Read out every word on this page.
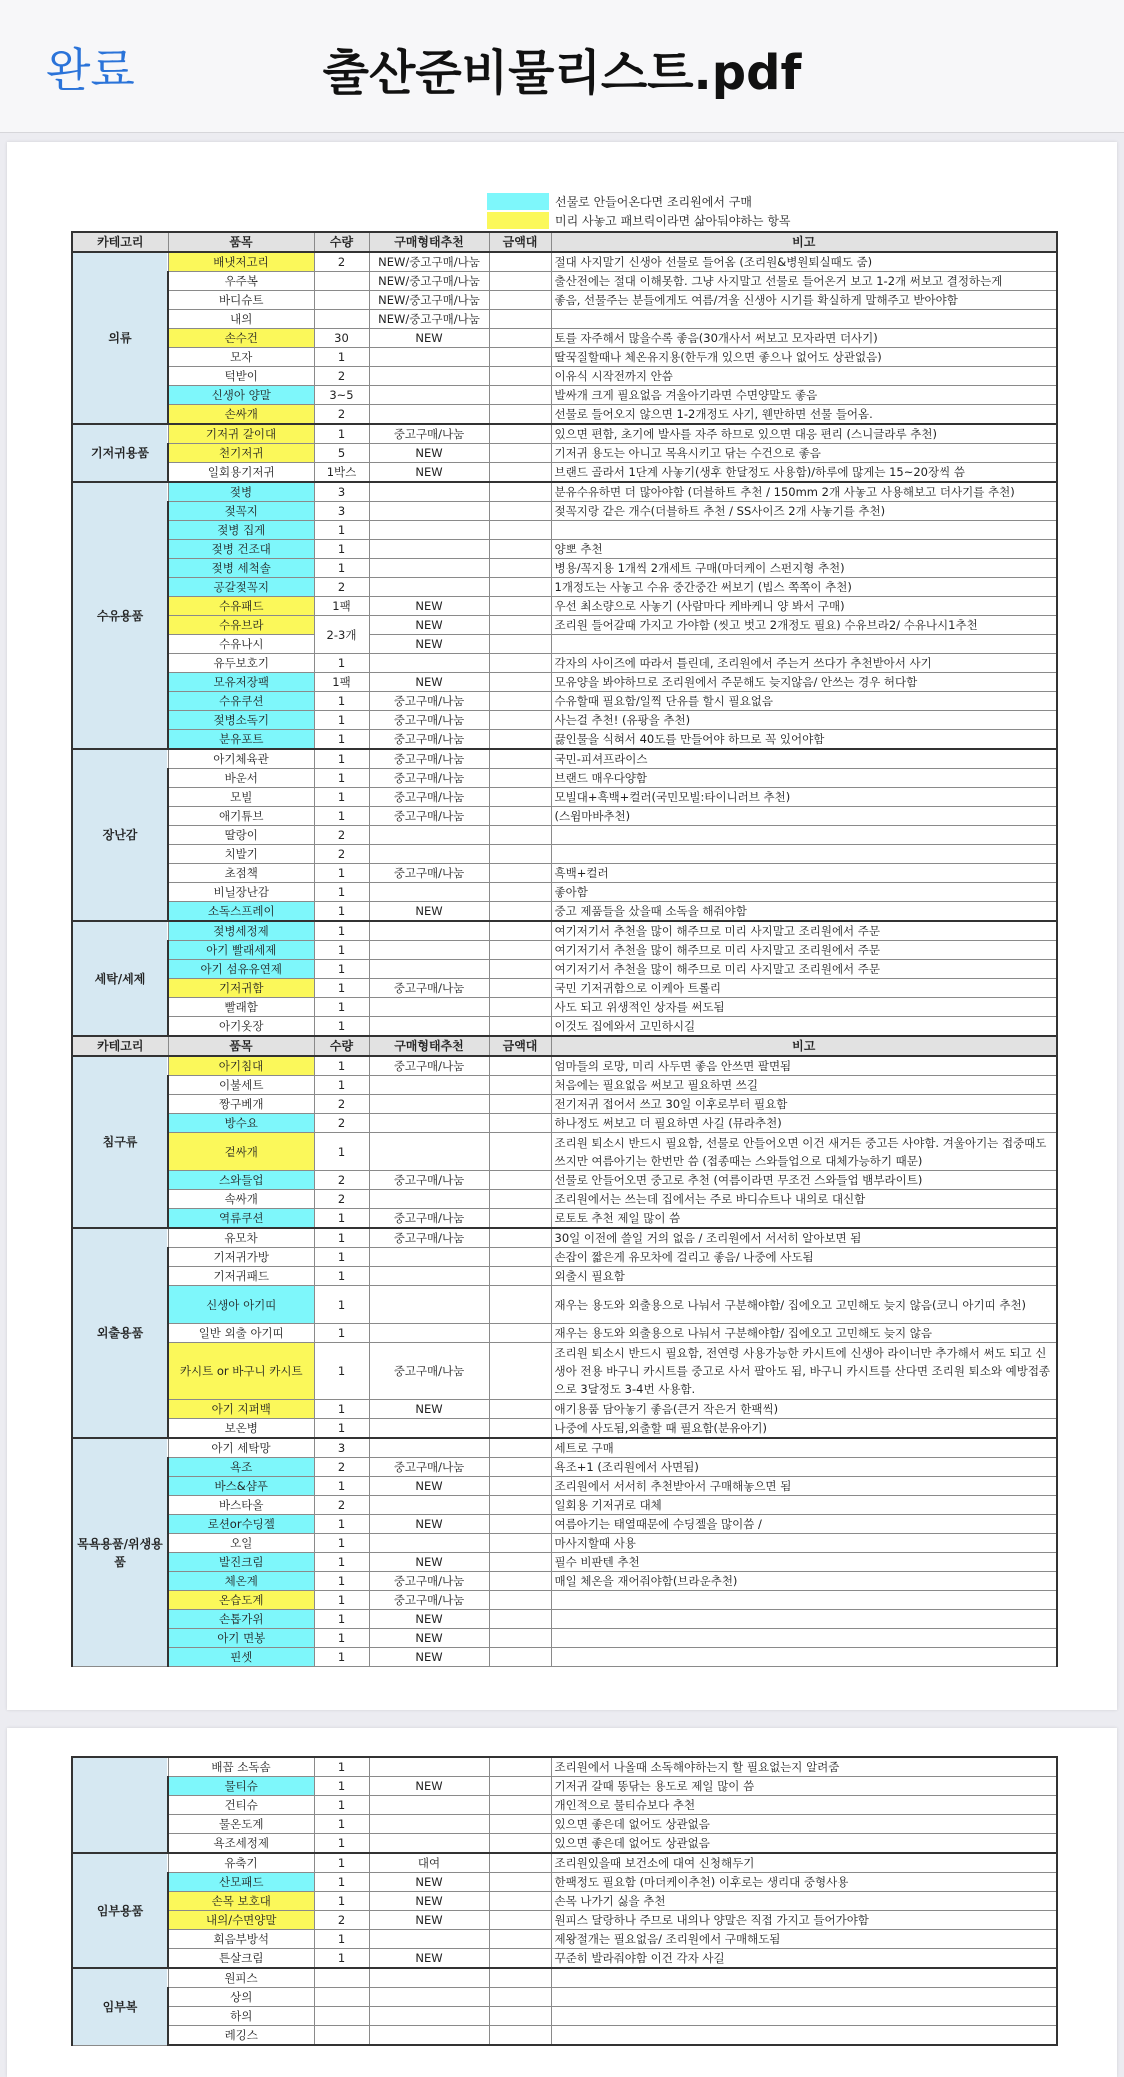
완료	출산준비물리스트.pdf
선물로 안들어온다면 조리원에서 구매
미리 사놓고 패브릭이라면 삶아둬야하는 항목
카테고리	품목	수량	구매형태추천	금액대	비고
의류	배냇저고리	2	NEW/중고구매/나눔		절대 사지말기 신생아 선물로 들어옴 (조리원&병원퇴실때도 줌)
	우주복		NEW/중고구매/나눔		출산전에는 절대 이해못함. 그냥 사지말고 선물로 들어온거 보고 1-2개 써보고 결정하는게
	바디슈트		NEW/중고구매/나눔		좋음, 선물주는 분들에게도 여름/겨울 신생아 시기를 확실하게 말해주고 받아야함
	내의		NEW/중고구매/나눔		
	손수건	30	NEW		토를 자주해서 많을수록 좋음(30개사서 써보고 모자라면 더사기)
	모자	1			딸꾹질할때나 체온유지용(한두개 있으면 좋으나 없어도 상관없음)
	턱받이	2			이유식 시작전까지 안씀
	신생아 양말	3~5			발싸개 크게 필요없음 겨울아기라면 수면양말도 좋음
	손싸개	2			선물로 들어오지 않으면 1-2개정도 사기, 웬만하면 선물 들어옴.
기저귀용품	기저귀 갈이대	1	중고구매/나눔		있으면 편함, 초기에 발사를 자주 하므로 있으면 대응 편리 (스니글라루 추천)
	천기저귀	5	NEW		기저귀 용도는 아니고 목욕시키고 닦는 수건으로 좋음
	일회용기저귀	1박스	NEW		브랜드 골라서 1단계 사놓기(생후 한달정도 사용함)/하루에 많게는 15~20장씩 씀
수유용품	젖병	3			분유수유하면 더 많아야함 (더블하트 추천 / 150mm 2개 사놓고 사용해보고 더사기를 추천)
	젖꼭지	3			젖꼭지랑 같은 개수(더블하트 추천 / SS사이즈 2개 사놓기를 추천)
	젖병 집게	1			
	젖병 건조대	1			양뽀 추천
	젖병 세척솔	1			병용/꼭지용 1개씩 2개세트 구매(마더케이 스펀지형 추천)
	공갈젖꼭지	2			1개정도는 사놓고 수유 중간중간 써보기 (빕스 쪽쪽이 추천)
	수유패드	1팩	NEW		우선 최소량으로 사놓기 (사람마다 케바케니 양 봐서 구매)
	수유브라	2-3개	NEW		조리원 들어갈때 가지고 가야함 (씻고 벗고 2개정도 필요) 수유브라2/ 수유나시1추천
	수유나시		NEW		
	유두보호기	1			각자의 사이즈에 따라서 틀린데, 조리원에서 주는거 쓰다가 추천받아서 사기
	모유저장팩	1팩	NEW		모유양을 봐야하므로 조리원에서 주문해도 늦지않음/ 안쓰는 경우 허다함
	수유쿠션	1	중고구매/나눔		수유할때 필요함/일찍 단유를 할시 필요없음
	젖병소독기	1	중고구매/나눔		사는걸 추천! (유팡을 추천)
	분유포트	1	중고구매/나눔		끓인물을 식혀서 40도를 만들어야 하므로 꼭 있어야함
장난감	아기체육관	1	중고구매/나눔		국민-피셔프라이스
	바운서	1	중고구매/나눔		브랜드 매우다양함
	모빌	1	중고구매/나눔		모빌대+흑백+컬러(국민모빌:타이니러브 추천)
	애기튜브	1	중고구매/나눔		(스윔마바추천)
	딸랑이	2			
	치발기	2			
	초점책	1	중고구매/나눔		흑백+컬러
	비닐장난감	1			좋아함
	소독스프레이	1	NEW		중고 제품들을 샀을때 소독을 해줘야함
세탁/세제	젖병세정제	1			여기저기서 추천을 많이 해주므로 미리 사지말고 조리원에서 주문
	아기 빨래세제	1			여기저기서 추천을 많이 해주므로 미리 사지말고 조리원에서 주문
	아기 섬유유연제	1			여기저기서 추천을 많이 해주므로 미리 사지말고 조리원에서 주문
	기저귀함	1	중고구매/나눔		국민 기저귀함으로 이케아 트롤리
	빨래함	1			사도 되고 위생적인 상자를 써도됨
	아기옷장	1			이것도 집에와서 고민하시길
카테고리	품목	수량	구매형태추천	금액대	비고
침구류	아기침대	1	중고구매/나눔		엄마들의 로망, 미리 사두면 좋음 안쓰면 팔면됨
	이불세트	1			처음에는 필요없음 써보고 필요하면 쓰길
	짱구베개	2			전기저귀 접어서 쓰고 30일 이후로부터 필요함
	방수요	2			하나정도 써보고 더 필요하면 사길 (뮤라추천)
	겉싸개	1			조리원 퇴소시 반드시 필요함, 선물로 안들어오면 이건 새거든 중고든 사야함. 겨울아기는 접중때도 쓰지만 여름아기는 한번만 씀 (접종때는 스와들업으로 대체가능하기 때문)
	스와들업	2	중고구매/나눔		선물로 안들어오면 중고로 추천 (여름이라면 무조건 스와들업 뱀부라이트)
	속싸개	2			조리원에서는 쓰는데 집에서는 주로 바디슈트나 내의로 대신함
	역류쿠션	1	중고구매/나눔		로토토 추천 제일 많이 씀
외출용품	유모차	1	중고구매/나눔		30일 이전에 쓸일 거의 없음 / 조리원에서 서서히 알아보면 됨
	기저귀가방	1			손잡이 짧은게 유모차에 걸리고 좋음/ 나중에 사도됨
	기저귀패드	1			외출시 필요함
	신생아 아기띠	1			재우는 용도와 외출용으로 나눠서 구분해야함/ 집에오고 고민해도 늦지 않음(코니 아기띠 추천)
	일반 외출 아기띠	1			재우는 용도와 외출용으로 나눠서 구분해야함/ 집에오고 고민해도 늦지 않음
	카시트 or 바구니 카시트	1	중고구매/나눔		조리원 퇴소시 반드시 필요함, 전연령 사용가능한 카시트에 신생아 라이너만 추가해서 써도 되고 신생아 전용 바구니 카시트를 중고로 사서 팔아도 됨, 바구니 카시트를 산다면 조리원 퇴소와 예방접종으로 3달정도 3-4번 사용함.
	아기 지퍼백	1	NEW		애기용품 담아놓기 좋음(큰거 작은거 한팩씩)
	보온병	1			나중에 사도됨,외출할 때 필요함(분유아기)
목욕용품/위생용품	아기 세탁망	3			세트로 구매
	욕조	2	중고구매/나눔		욕조+1 (조리원에서 사면됨)
	바스&샴푸	1	NEW		조리원에서 서서히 추천받아서 구매해놓으면 됨
	바스타올	2			일회용 기저귀로 대체
	로션or수딩젤	1	NEW		여름아기는 태열때문에 수딩젤을 많이씀 /
	오일	1			마사지할때 사용
	발진크림	1	NEW		필수 비판텐 추천
	체온계	1	중고구매/나눔		매일 체온을 재어줘야함(브라운추천)
	온습도계	1	중고구매/나눔		
	손톱가위	1	NEW		
	아기 면봉	1	NEW		
	핀셋	1	NEW		
	배꼽 소독솜	1			조리원에서 나올때 소독해야하는지 할 필요없는지 알려줌
	물티슈	1	NEW		기저귀 갈때 똥닦는 용도로 제일 많이 씀
	건티슈	1			개인적으로 물티슈보다 추천
	물온도계	1			있으면 좋은데 없어도 상관없음
	욕조세정제	1			있으면 좋은데 없어도 상관없음
임부용품	유축기	1	대여		조리원있을때 보건소에 대여 신청해두기
	산모패드	1	NEW		한팩정도 필요함 (마더케이추천) 이후로는 생리대 중형사용
	손목 보호대	1	NEW		손목 나가기 싫을 추천
	내의/수면양말	2	NEW		원피스 달랑하나 주므로 내의나 양말은 직접 가지고 들어가야함
	회음부방석	1			제왕절개는 필요없음/ 조리원에서 구매해도됨
	튼살크림	1	NEW		꾸준히 발라줘야함 이건 각자 사길
임부복	원피스				
	상의				
	하의				
	레깅스				
